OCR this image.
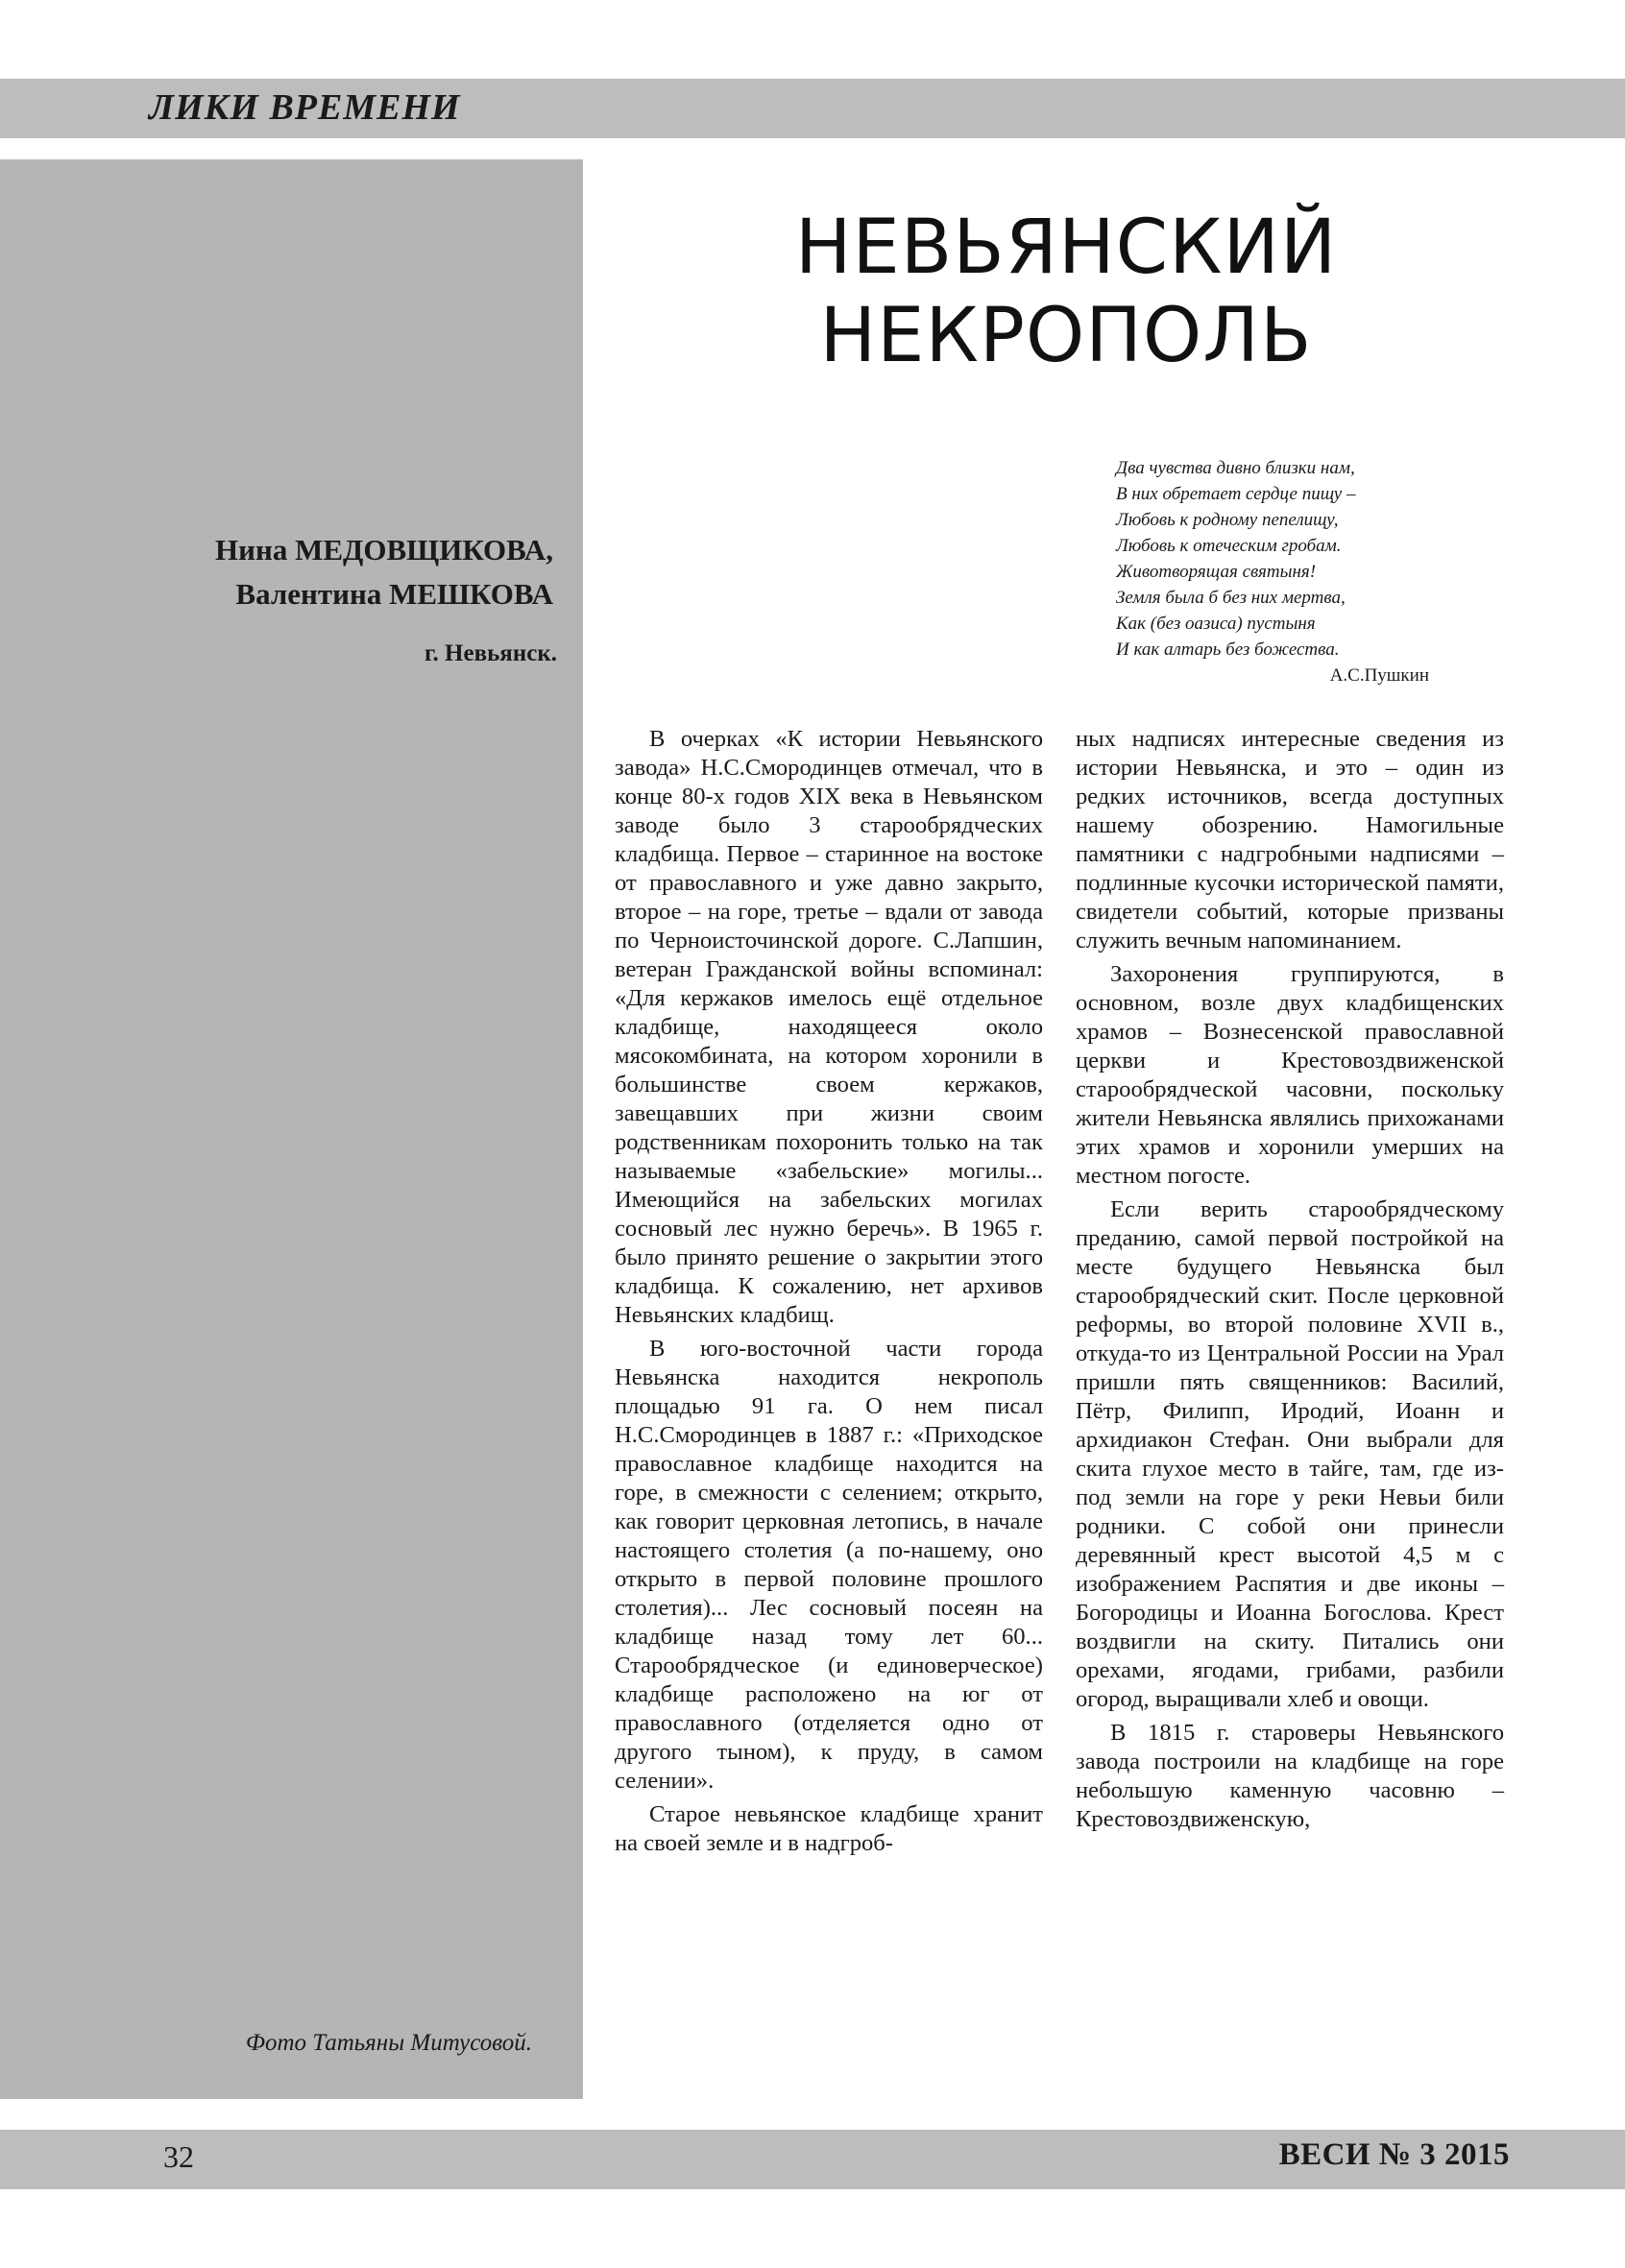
ЛИКИ ВРЕМЕНИ
Нина МЕДОВЩИКОВА,
Валентина МЕШКОВА
г. Невьянск.
Фото Татьяны Митусовой.
НЕВЬЯНСКИЙ
НЕКРОПОЛЬ
Два чувства дивно близки нам,
В них обретает сердце пищу –
Любовь к родному пепелищу,
Любовь к отеческим гробам.
Животворящая святыня!
Земля была б без них мертва,
Как (без оазиса) пустыня
И как алтарь без божества.
А.С.Пушкин

В очерках «К истории Невьянского завода» Н.С.Смородинцев отмечал, что в конце 80-х годов XIX века в Невьянском заводе было 3 старообрядческих кладбища. Первое – старинное на востоке от православного и уже давно закрыто, второе – на горе, третье – вдали от завода по Черноисточинской дороге. С.Лапшин, ветеран Гражданской войны вспоминал: «Для кержаков имелось ещё отдельное кладбище, находящееся около мясокомбината, на котором хоронили в большинстве своем кержаков, завещавших при жизни своим родственникам похоронить только на так называемые «забельские» могилы... Имеющийся на забельских могилах сосновый лес нужно беречь». В 1965 г. было принято решение о закрытии этого кладбища. К сожалению, нет архивов Невьянских кладбищ.

В юго-восточной части города Невьянска находится некрополь площадью 91 га. О нем писал Н.С.Смородинцев в 1887 г.: «Приходское православное кладбище находится на горе, в смежности с селением; открыто, как говорит церковная летопись, в начале настоящего столетия (а по-нашему, оно открыто в первой половине прошлого столетия)... Лес сосновый посеян на кладбище назад тому лет 60... Старообрядческое (и единоверческое) кладбище расположено на юг от православного (отделяется одно от другого тыном), к пруду, в самом селении».

Старое невьянское кладбище хранит на своей земле и в надгроб-

ных надписях интересные сведения из истории Невьянска, и это – один из редких источников, всегда доступных нашему обозрению. Намогильные памятники с надгробными надписями – подлинные кусочки исторической памяти, свидетели событий, которые призваны служить вечным напоминанием.

Захоронения группируются, в основном, возле двух кладбищенских храмов – Вознесенской православной церкви и Крестовоздвиженской старообрядческой часовни, поскольку жители Невьянска являлись прихожанами этих храмов и хоронили умерших на местном погосте.

Если верить старообрядческому преданию, самой первой постройкой на месте будущего Невьянска был старообрядческий скит. После церковной реформы, во второй половине XVII в., откуда-то из Центральной России на Урал пришли пять священников: Василий, Пётр, Филипп, Иродий, Иоанн и архидиакон Стефан. Они выбрали для скита глухое место в тайге, там, где из-под земли на горе у реки Невьи били родники. С собой они принесли деревянный крест высотой 4,5 м с изображением Распятия и две иконы – Богородицы и Иоанна Богослова. Крест воздвигли на скиту. Питались они орехами, ягодами, грибами, разбили огород, выращивали хлеб и овощи.

В 1815 г. староверы Невьянского завода построили на кладбище на горе небольшую каменную часовню – Крестовоздвиженскую,

32	ВЕСИ № 3 2015
